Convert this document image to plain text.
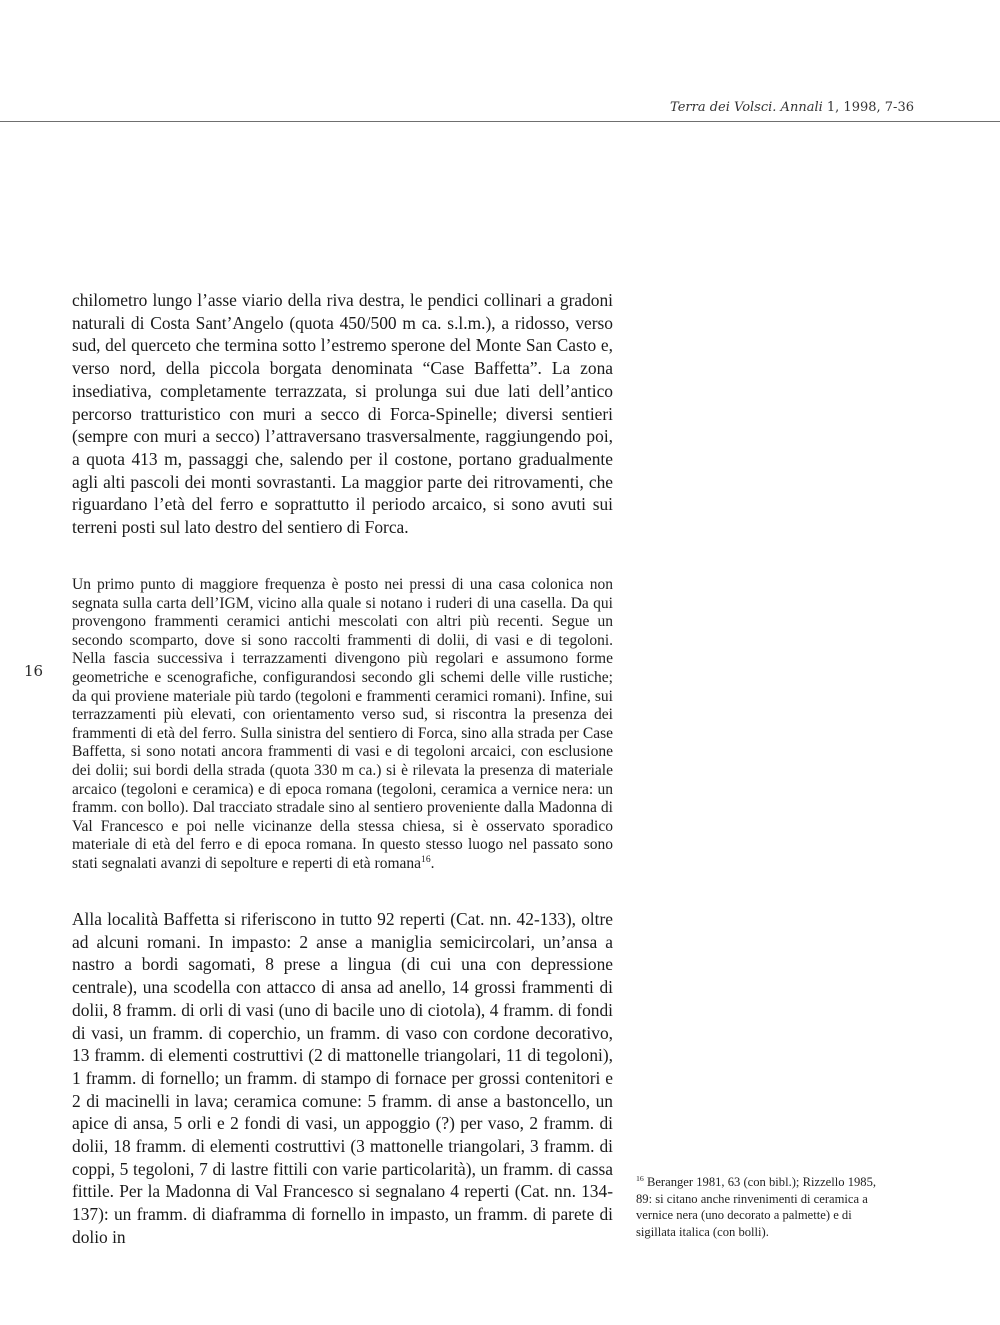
Terra dei Volsci. Annali 1, 1998, 7-36
16

chilometro lungo l’asse viario della riva destra, le pendici collinari a gradoni naturali di Costa Sant’Angelo (quota 450/500 m ca. s.l.m.), a ridosso, verso sud, del querceto che termina sotto l’estremo sperone del Monte San Casto e, verso nord, della piccola borgata denominata “Case Baffetta”. La zona insediativa, completamente terrazzata, si prolunga sui due lati dell’antico percorso tratturistico con muri a secco di Forca-Spinelle; diversi sentieri (sempre con muri a secco) l’attraversano trasversalmente, raggiungendo poi, a quota 413 m, passaggi che, salendo per il costone, portano gradualmente agli alti pascoli dei monti sovrastanti. La maggior parte dei ritrovamenti, che riguardano l’età del ferro e soprattutto il periodo arcaico, si sono avuti sui terreni posti sul lato destro del sentiero di Forca.

Un primo punto di maggiore frequenza è posto nei pressi di una casa colonica non segnata sulla carta dell’IGM, vicino alla quale si notano i ruderi di una casella. Da qui provengono frammenti ceramici antichi mescolati con altri più recenti. Segue un secondo scomparto, dove si sono raccolti frammenti di dolii, di vasi e di tegoloni. Nella fascia successiva i terrazzamenti divengono più regolari e assumono forme geometriche e scenografiche, configurandosi secondo gli schemi delle ville rustiche; da qui proviene materiale più tardo (tegoloni e frammenti ceramici romani). Infine, sui terrazzamenti più elevati, con orientamento verso sud, si riscontra la presenza dei frammenti di età del ferro. Sulla sinistra del sentiero di Forca, sino alla strada per Case Baffetta, si sono notati ancora frammenti di vasi e di tegoloni arcaici, con esclusione dei dolii; sui bordi della strada (quota 330 m ca.) si è rilevata la presenza di materiale arcaico (tegoloni e ceramica) e di epoca romana (tegoloni, ceramica a vernice nera: un framm. con bollo). Dal tracciato stradale sino al sentiero proveniente dalla Madonna di Val Francesco e poi nelle vicinanze della stessa chiesa, si è osservato sporadico materiale di età del ferro e di epoca romana. In questo stesso luogo nel passato sono stati segnalati avanzi di sepolture e reperti di età romana$^{16}$.

Alla località Baffetta si riferiscono in tutto 92 reperti (Cat. nn. 42-133), oltre ad alcuni romani. In impasto: 2 anse a maniglia semicircolari, un’ansa a nastro a bordi sagomati, 8 prese a lingua (di cui una con depressione centrale), una scodella con attacco di ansa ad anello, 14 grossi frammenti di dolii, 8 framm. di orli di vasi (uno di bacile uno di ciotola), 4 framm. di fondi di vasi, un framm. di coperchio, un framm. di vaso con cordone decorativo, 13 framm. di elementi costruttivi (2 di mattonelle triangolari, 11 di tegoloni), 1 framm. di fornello; un framm. di stampo di fornace per grossi contenitori e 2 di macinelli in lava; ceramica comune: 5 framm. di anse a bastoncello, un apice di ansa, 5 orli e 2 fondi di vasi, un appoggio (?) per vaso, 2 framm. di dolii, 18 framm. di elementi costruttivi (3 mattonelle triangolari, 3 framm. di coppi, 5 tegoloni, 7 di lastre fittili con varie particolarità), un framm. di cassa fittile. Per la Madonna di Val Francesco si segnalano 4 reperti (Cat. nn. 134-137): un framm. di diaframma di fornello in impasto, un framm. di parete di dolio in

$^{16}$ Beranger 1981, 63 (con bibl.); Rizzello 1985, 89: si citano anche rinvenimenti di ceramica a vernice nera (uno decorato a palmette) e di sigillata italica (con bolli).
